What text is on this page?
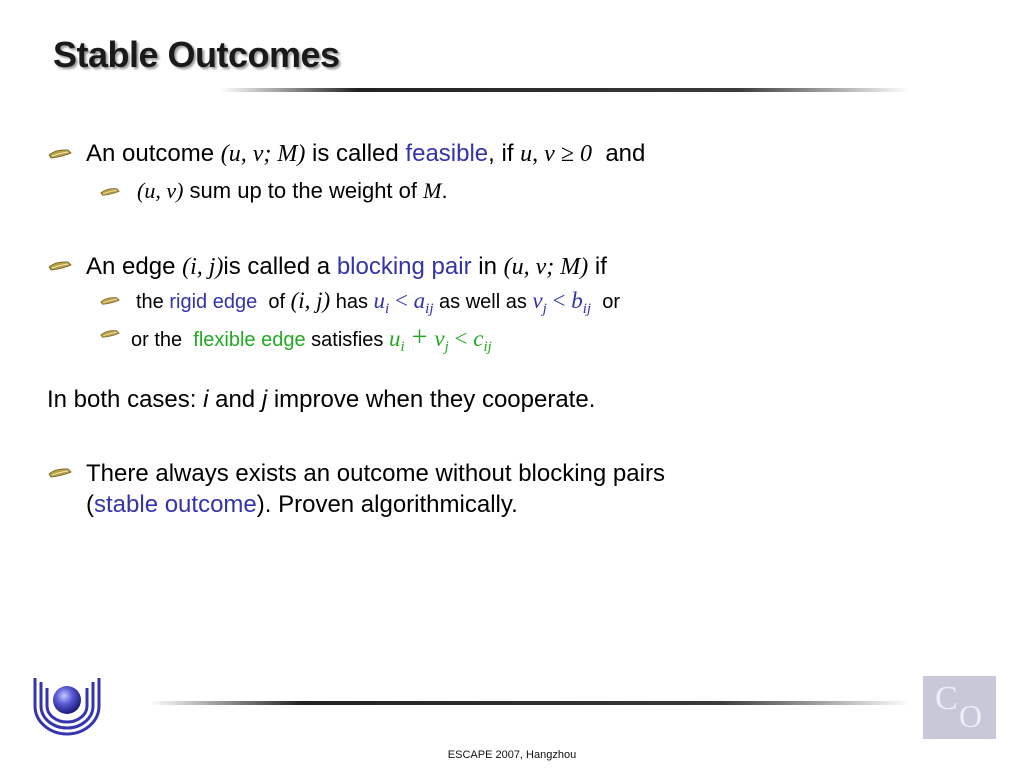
Stable Outcomes
An outcome (u, v; M) is called feasible, if u, v ≥ 0  and
(u, v) sum up to the weight of M.
An edge (i, j)is called a blocking pair in (u, v; M) if
the rigid edge  of (i, j) has $u_i < a_{ij}$ as well as $v_j < b_{ij}$  or
or the  flexible edge satisfies $u_i + v_j < c_{ij}$
In both cases: i and j improve when they cooperate.
There always exists an outcome without blocking pairs
(stable outcome). Proven algorithmically.
C O
ESCAPE 2007, Hangzhou
